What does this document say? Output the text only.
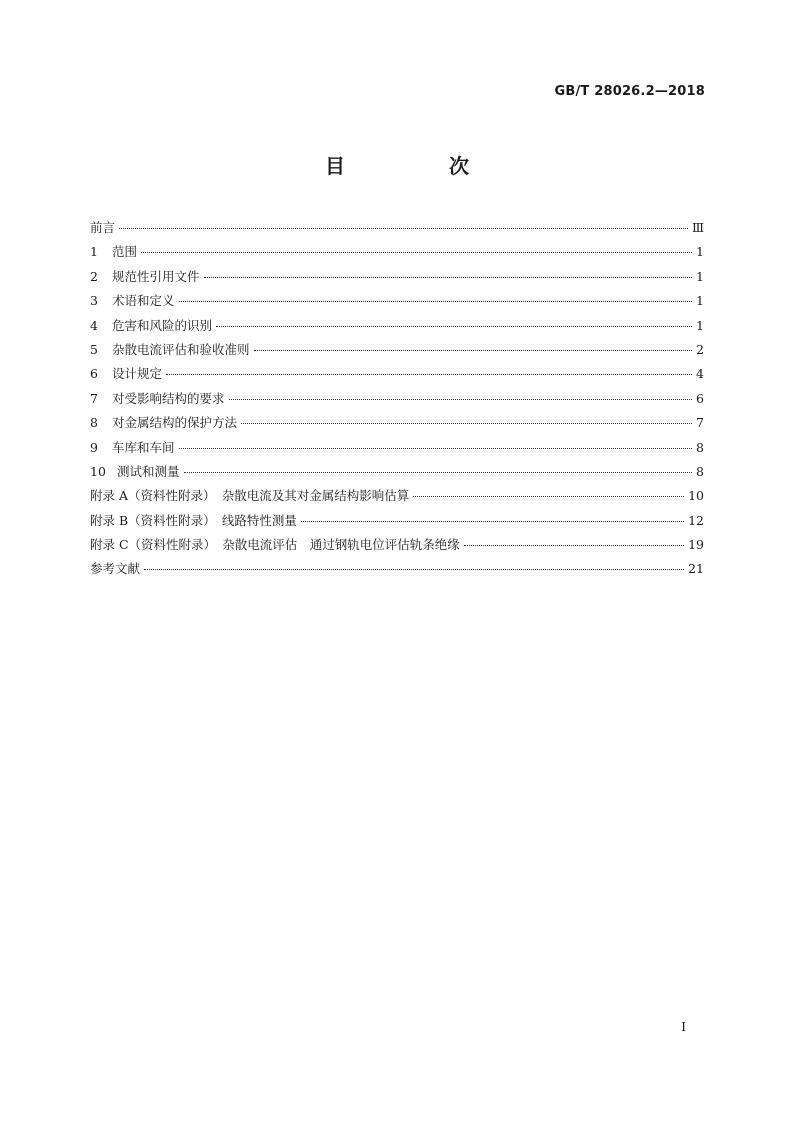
GB/T 28026.2—2018
目　次
前言	Ⅲ
1	范围	1
2	规范性引用文件	1
3	术语和定义	1
4	危害和风险的识别	1
5	杂散电流评估和验收准则	2
6	设计规定	4
7	对受影响结构的要求	6
8	对金属结构的保护方法	7
9	车库和车间	8
10 测试和测量	8
附录 A（资料性附录）　杂散电流及其对金属结构影响估算	10
附录 B（资料性附录）　线路特性测量	12
附录 C（资料性附录）　杂散电流评估　通过钢轨电位评估轨条绝缘	19
参考文献	21
Ⅰ
